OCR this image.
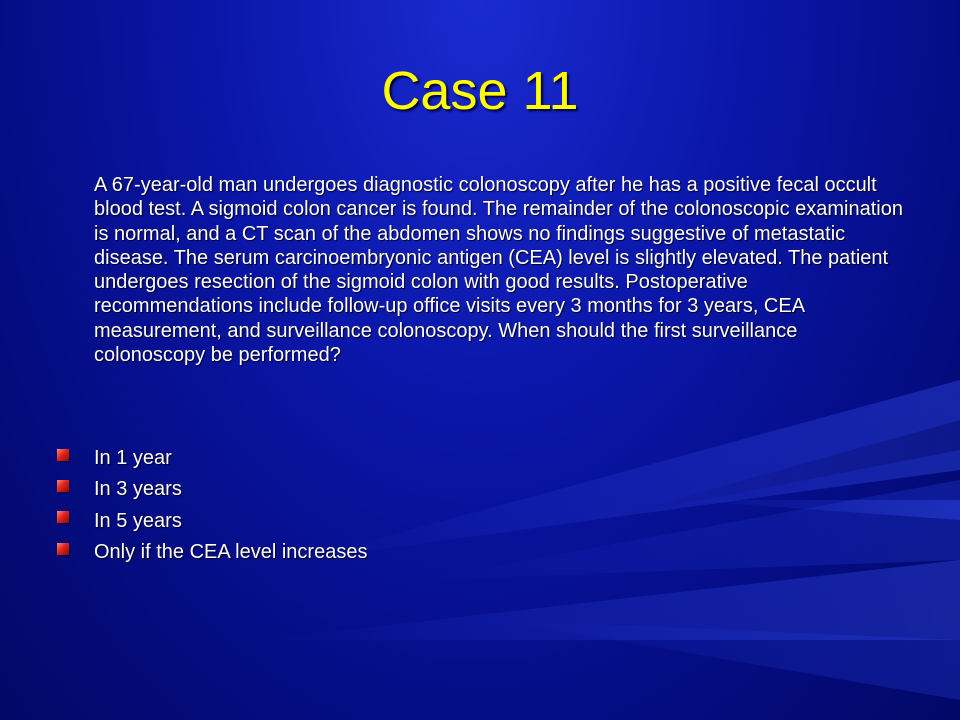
Case 11

A 67-year-old man undergoes diagnostic colonoscopy after he has a positive fecal occult blood test. A sigmoid colon cancer is found. The remainder of the colonoscopic examination is normal, and a CT scan of the abdomen shows no findings suggestive of metastatic disease. The serum carcinoembryonic antigen (CEA) level is slightly elevated. The patient undergoes resection of the sigmoid colon with good results. Postoperative recommendations include follow-up office visits every 3 months for 3 years, CEA measurement, and surveillance colonoscopy. When should the first surveillance colonoscopy be performed?

In 1 year
In 3 years
In 5 years
Only if the CEA level increases
